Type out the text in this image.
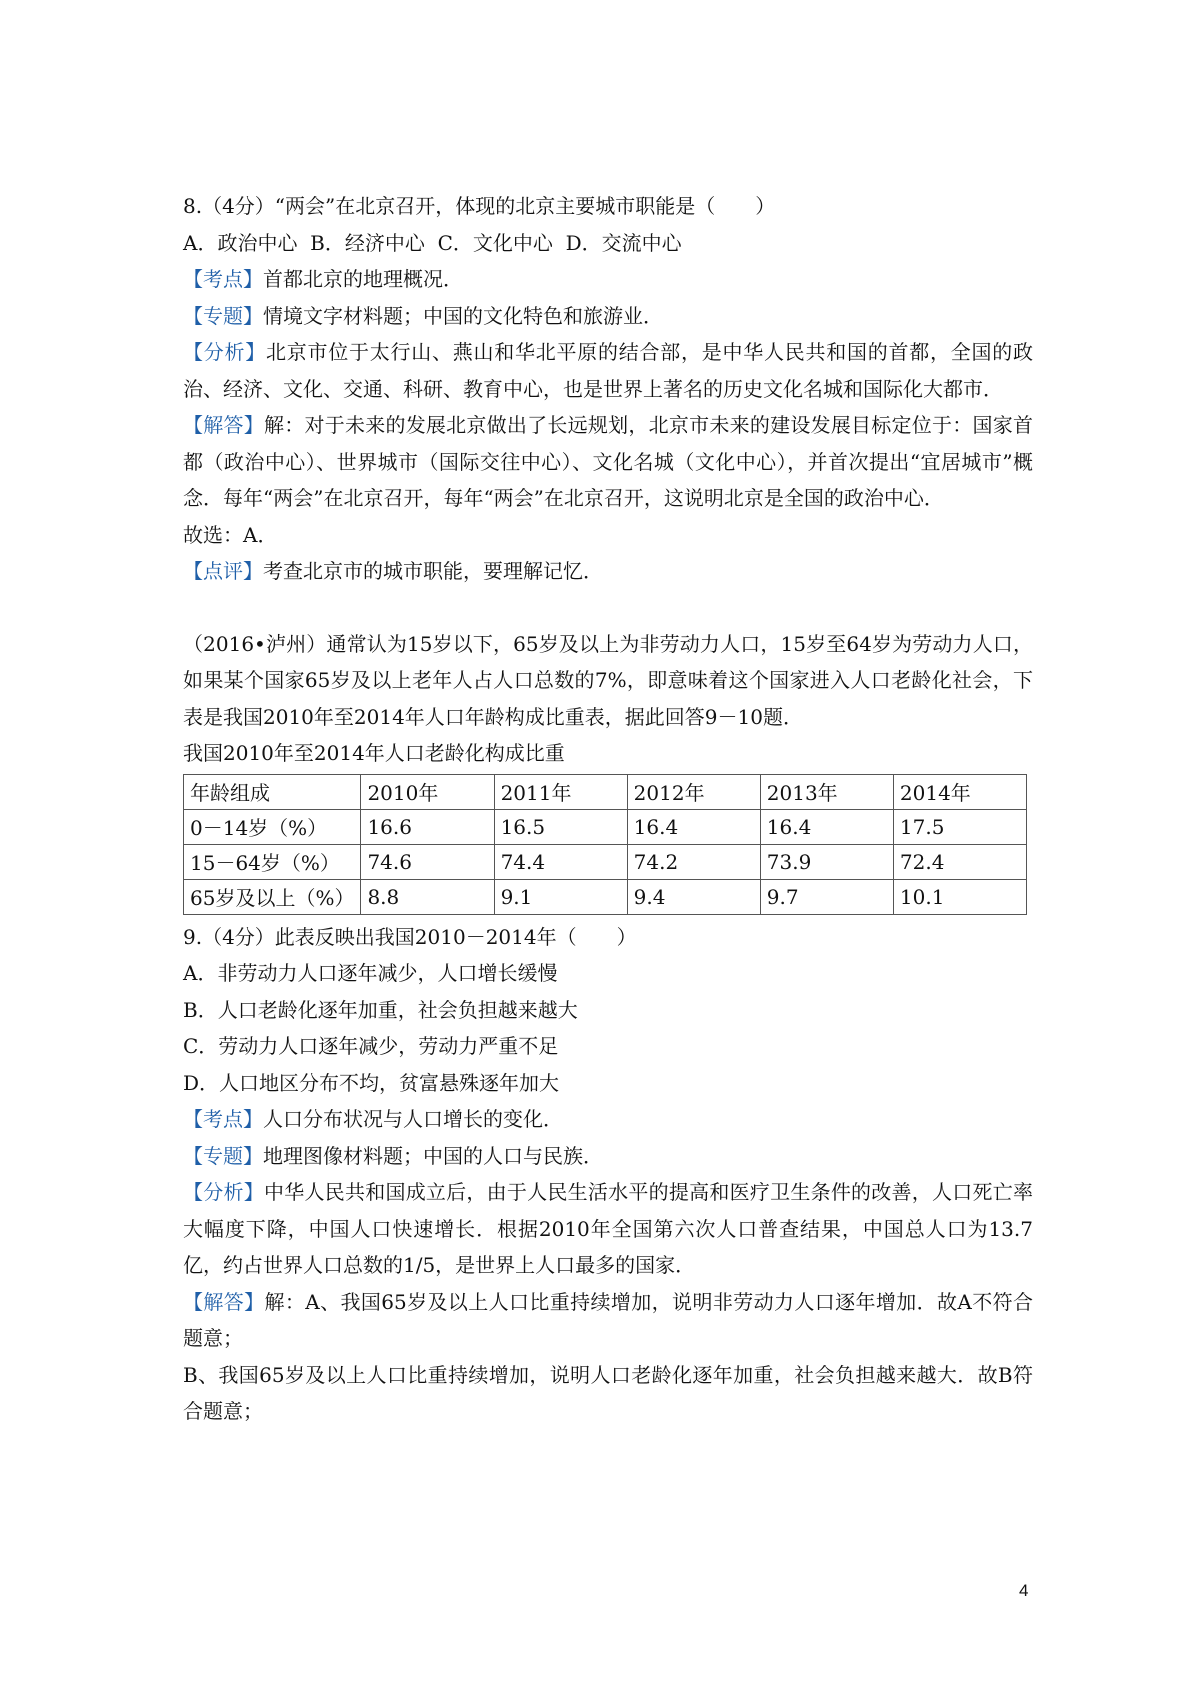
8.（4分）“两会”在北京召开，体现的北京主要城市职能是（　　）
A．政治中心  B．经济中心  C．文化中心  D．交流中心
【考点】首都北京的地理概况．
【专题】情境文字材料题；中国的文化特色和旅游业．
【分析】北京市位于太行山、燕山和华北平原的结合部，是中华人民共和国的首都，全国的政治、经济、文化、交通、科研、教育中心，也是世界上著名的历史文化名城和国际化大都市．
【解答】解：对于未来的发展北京做出了长远规划，北京市未来的建设发展目标定位于：国家首都（政治中心）、世界城市（国际交往中心）、文化名城（文化中心），并首次提出“宜居城市”概念．每年“两会”在北京召开，每年“两会”在北京召开，这说明北京是全国的政治中心．
故选：A．
【点评】考查北京市的城市职能，要理解记忆．
（2016•泸州）通常认为15岁以下，65岁及以上为非劳动力人口，15岁至64岁为劳动力人口，如果某个国家65岁及以上老年人占人口总数的7%，即意味着这个国家进入人口老龄化社会，下表是我国2010年至2014年人口年龄构成比重表，据此回答9－10题．
我国2010年至2014年人口老龄化构成比重
年龄组成	2010年	2011年	2012年	2013年	2014年
0－14岁（%）	16.6	16.5	16.4	16.4	17.5
15－64岁（%）	74.6	74.4	74.2	73.9	72.4
65岁及以上（%）	8.8	9.1	9.4	9.7	10.1
9.（4分）此表反映出我国2010－2014年（　　）
A．非劳动力人口逐年减少，人口增长缓慢
B．人口老龄化逐年加重，社会负担越来越大
C．劳动力人口逐年减少，劳动力严重不足
D．人口地区分布不均，贫富悬殊逐年加大
【考点】人口分布状况与人口增长的变化．
【专题】地理图像材料题；中国的人口与民族．
【分析】中华人民共和国成立后，由于人民生活水平的提高和医疗卫生条件的改善，人口死亡率大幅度下降，中国人口快速增长．根据2010年全国第六次人口普查结果，中国总人口为13.7亿，约占世界人口总数的1/5，是世界上人口最多的国家．
【解答】解：A、我国65岁及以上人口比重持续增加，说明非劳动力人口逐年增加．故A不符合题意；
B、我国65岁及以上人口比重持续增加，说明人口老龄化逐年加重，社会负担越来越大．故B符合题意；
4
